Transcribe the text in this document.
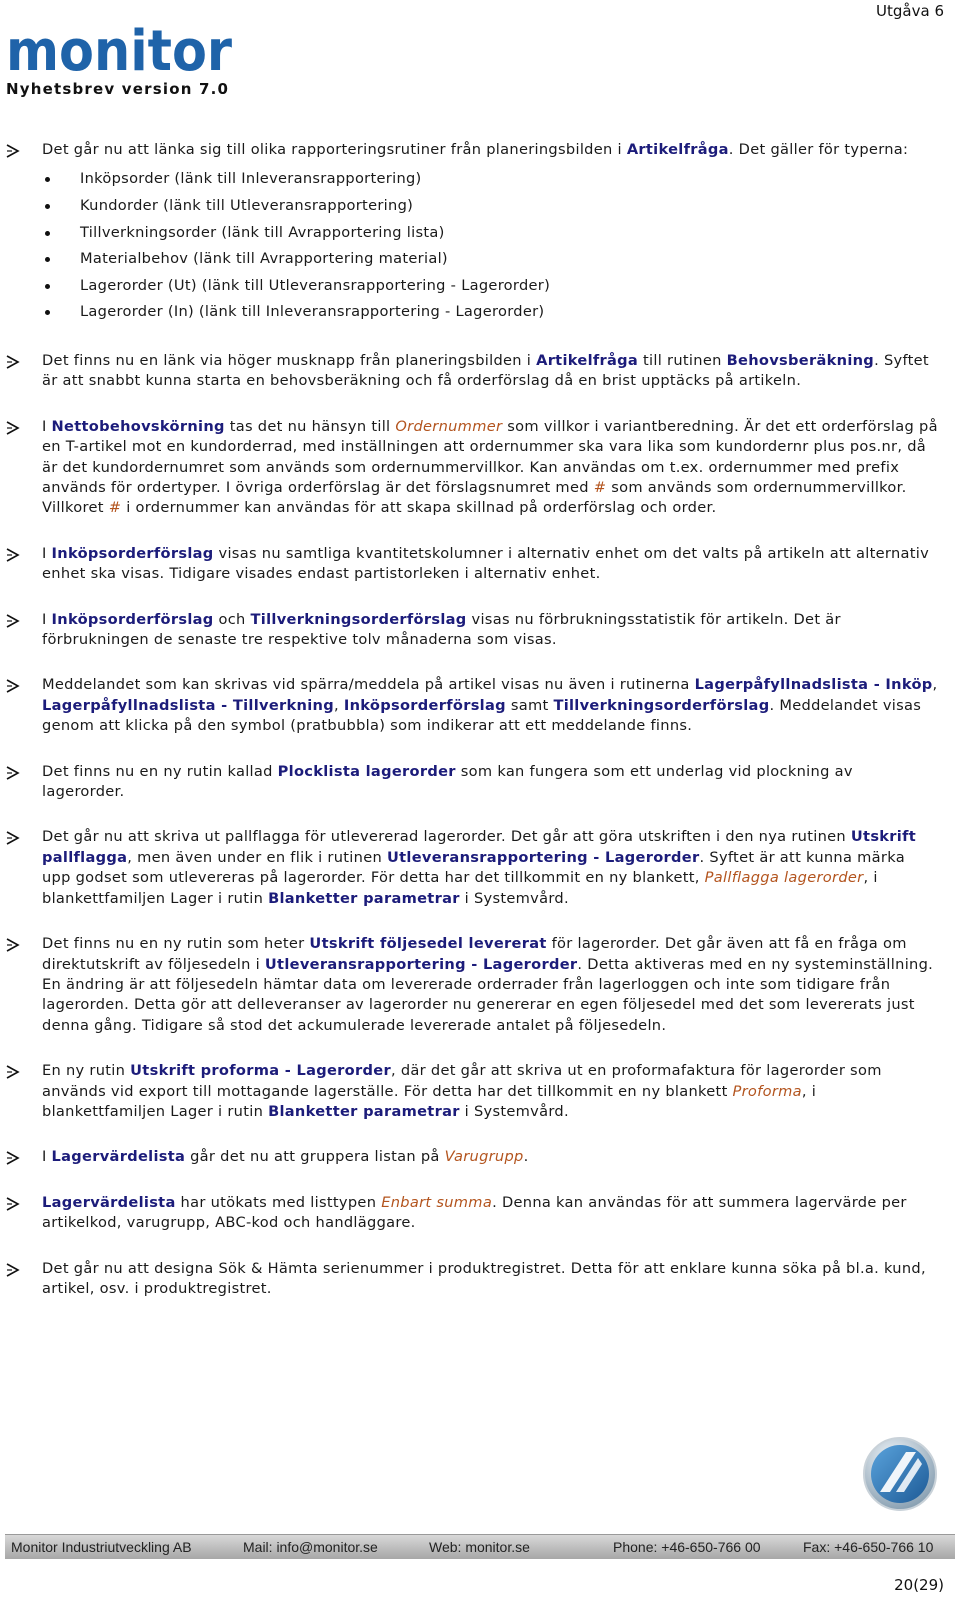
Utgåva 6
monitor
Nyhetsbrev version 7.0
Det går nu att länka sig till olika rapporteringsrutiner från planeringsbilden i Artikelfråga. Det gäller för typerna:
Inköpsorder (länk till Inleveransrapportering)
Kundorder (länk till Utleveransrapportering)
Tillverkningsorder (länk till Avrapportering lista)
Materialbehov (länk till Avrapportering material)
Lagerorder (Ut) (länk till Utleveransrapportering - Lagerorder)
Lagerorder (In) (länk till Inleveransrapportering - Lagerorder)
Det finns nu en länk via höger musknapp från planeringsbilden i Artikelfråga till rutinen Behovsberäkning. Syftet är att snabbt kunna starta en behovsberäkning och få orderförslag då en brist upptäcks på artikeln.
I Nettobehovskörning tas det nu hänsyn till Ordernummer som villkor i variantberedning. Är det ett orderförslag på en T-artikel mot en kundorderrad, med inställningen att ordernummer ska vara lika som kundordernr plus pos.nr, då är det kundordernumret som används som ordernummervillkor. Kan användas om t.ex. ordernummer med prefix används för ordertyper. I övriga orderförslag är det förslagsnumret med # som används som ordernummervillkor. Villkoret # i ordernummer kan användas för att skapa skillnad på orderförslag och order.
I Inköpsorderförslag visas nu samtliga kvantitetskolumner i alternativ enhet om det valts på artikeln att alternativ enhet ska visas. Tidigare visades endast partistorleken i alternativ enhet.
I Inköpsorderförslag och Tillverkningsorderförslag visas nu förbrukningsstatistik för artikeln. Det är förbrukningen de senaste tre respektive tolv månaderna som visas.
Meddelandet som kan skrivas vid spärra/meddela på artikel visas nu även i rutinerna Lagerpåfyllnadslista - Inköp, Lagerpåfyllnadslista - Tillverkning, Inköpsorderförslag samt Tillverkningsorderförslag. Meddelandet visas genom att klicka på den symbol (pratbubbla) som indikerar att ett meddelande finns.
Det finns nu en ny rutin kallad Plocklista lagerorder som kan fungera som ett underlag vid plockning av lagerorder.
Det går nu att skriva ut pallflagga för utlevererad lagerorder. Det går att göra utskriften i den nya rutinen Utskrift pallflagga, men även under en flik i rutinen Utleveransrapportering - Lagerorder. Syftet är att kunna märka upp godset som utlevereras på lagerorder. För detta har det tillkommit en ny blankett, Pallflagga lagerorder, i blankettfamiljen Lager i rutin Blanketter parametrar i Systemvård.
Det finns nu en ny rutin som heter Utskrift följesedel levererat för lagerorder. Det går även att få en fråga om direktutskrift av följesedeln i Utleveransrapportering - Lagerorder. Detta aktiveras med en ny systeminställning. En ändring är att följesedeln hämtar data om levererade orderrader från lagerloggen och inte som tidigare från lagerorden. Detta gör att delleveranser av lagerorder nu genererar en egen följesedel med det som levererats just denna gång. Tidigare så stod det ackumulerade levererade antalet på följesedeln.
En ny rutin Utskrift proforma - Lagerorder, där det går att skriva ut en proformafaktura för lagerorder som används vid export till mottagande lagerställe. För detta har det tillkommit en ny blankett Proforma, i blankettfamiljen Lager i rutin Blanketter parametrar i Systemvård.
I Lagervärdelista går det nu att gruppera listan på Varugrupp.
Lagervärdelista har utökats med listtypen Enbart summa. Denna kan användas för att summera lagervärde per artikelkod, varugrupp, ABC-kod och handläggare.
Det går nu att designa Sök & Hämta serienummer i produktregistret. Detta för att enklare kunna söka på bl.a. kund, artikel, osv. i produktregistret.
Monitor Industriutveckling AB	Mail: info@monitor.se	Web: monitor.se	Phone: +46-650-766 00	Fax: +46-650-766 10
20(29)
